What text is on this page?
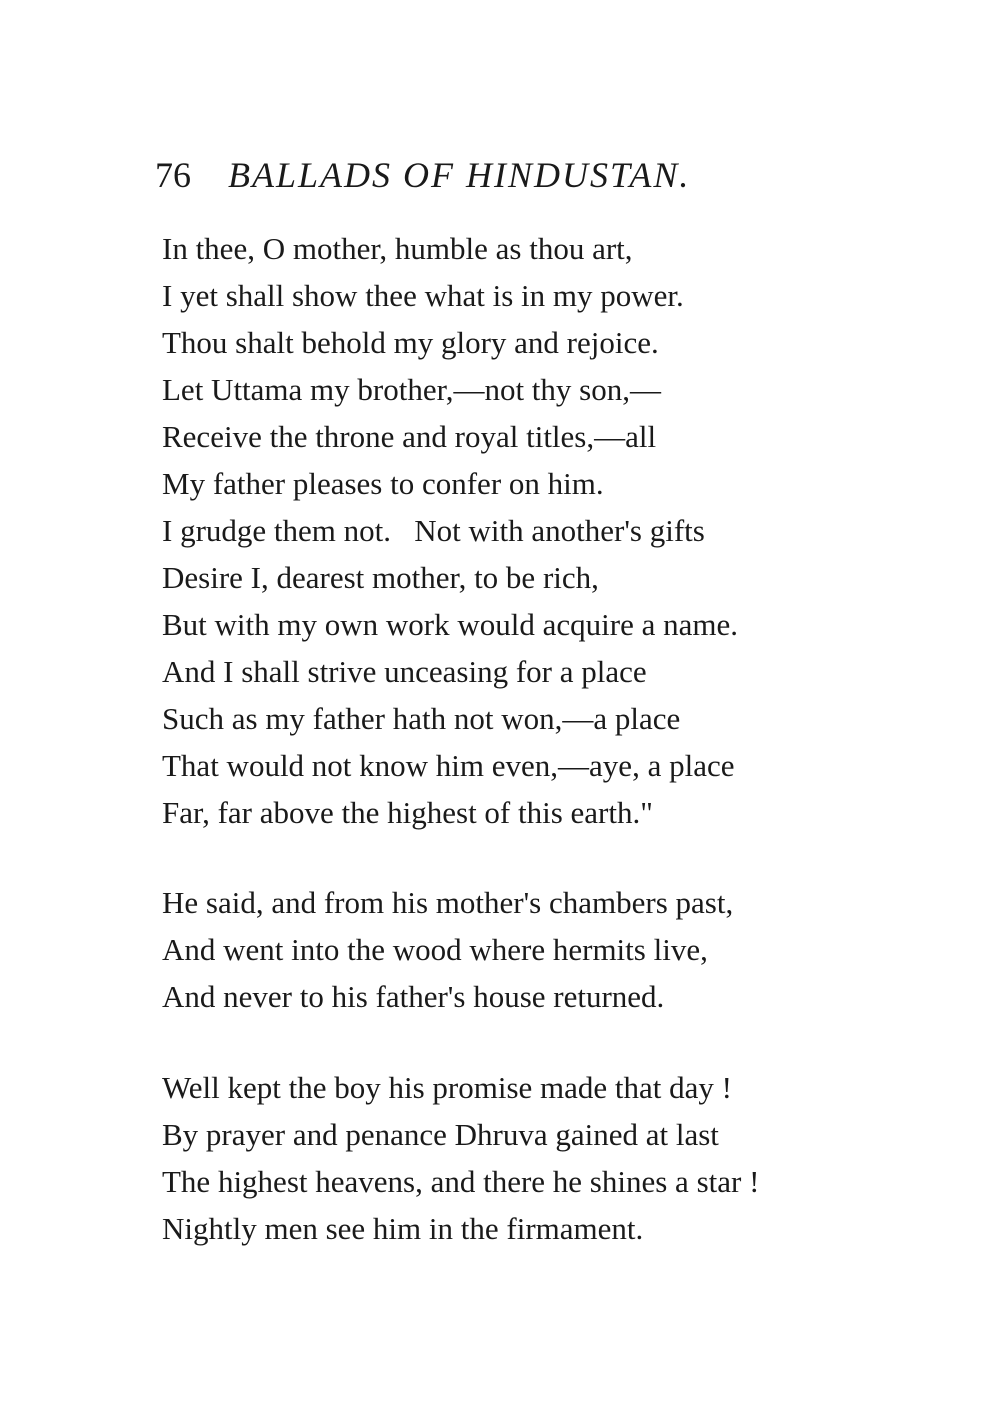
76 BALLADS OF HINDUSTAN.
In thee, O mother, humble as thou art,
I yet shall show thee what is in my power.
Thou shalt behold my glory and rejoice.
Let Uttama my brother,—not thy son,—
Receive the throne and royal titles,—all
My father pleases to confer on him.
I grudge them not.   Not with another's gifts
Desire I, dearest mother, to be rich,
But with my own work would acquire a name.
And I shall strive unceasing for a place
Such as my father hath not won,—a place
That would not know him even,—aye, a place
Far, far above the highest of this earth."
He said, and from his mother's chambers past,
And went into the wood where hermits live,
And never to his father's house returned.
Well kept the boy his promise made that day !
By prayer and penance Dhruva gained at last
The highest heavens, and there he shines a star !
Nightly men see him in the firmament.
